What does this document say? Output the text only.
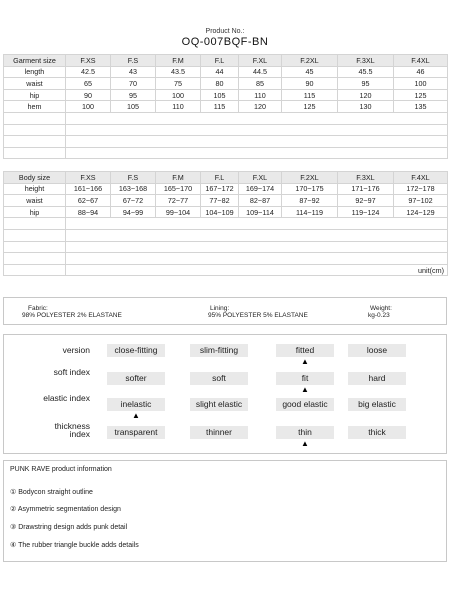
Product No.:
OQ-007BQF-BN
Garment size	F.XS	F.S	F.M	F.L	F.XL	F.2XL	F.3XL	F.4XL
length	42.5	43	43.5	44	44.5	45	45.5	46
waist	65	70	75	80	85	90	95	100
hip	90	95	100	105	110	115	120	125
hem	100	105	110	115	120	125	130	135

Body size	F.XS	F.S	F.M	F.L	F.XL	F.2XL	F.3XL	F.4XL
height	161~166	163~168	165~170	167~172	169~174	170~175	171~176	172~178
waist	62~67	67~72	72~77	77~82	82~87	87~92	92~97	97~102
hip	88~94	94~99	99~104	104~109	109~114	114~119	119~124	124~129

	unit(cm)							
Fabric:
98% POLYESTER 2% ELASTANE
Lining:
95% POLYESTER 5% ELASTANE
Weight:
kg-0.23
version	close-fitting	slim-fitting	fitted	loose
▲
soft index
softer	soft	fit	hard
▲
elastic index
inelastic	slight elastic	good elastic	big elastic
▲
thickness index	transparent	thinner	thin	thick
▲
PUNK RAVE product information
① Bodycon straight outline
② Asymmetric segmentation design
③ Drawstring design adds punk detail
④ The rubber triangle buckle adds details
